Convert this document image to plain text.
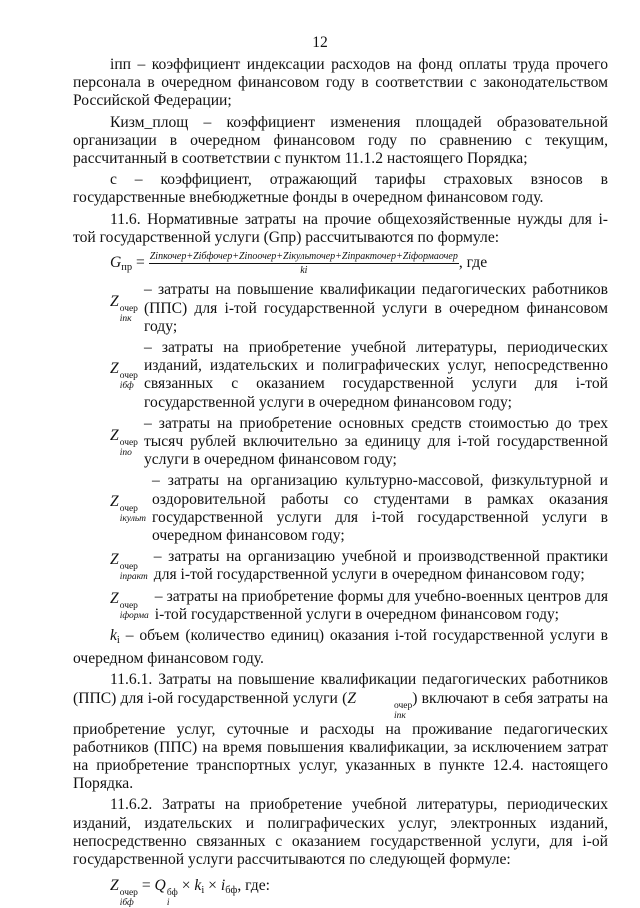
12

iпп – коэффициент индексации расходов на фонд оплаты труда прочего персонала в очередном финансовом году в соответствии с законодательством Российской Федерации;

Кизм_площ – коэффициент изменения площадей образовательной организации в очередном финансовом году по сравнению с текущим, рассчитанный в соответствии с пунктом 11.1.2 настоящего Порядка;

с – коэффициент, отражающий тарифы страховых взносов в государственные внебюджетные фонды в очередном финансовом году.

11.6. Нормативные затраты на прочие общехозяйственные нужды для i-той государственной услуги (Gпр) рассчитываются по формуле:

$G_{пр}$ = Ziпкочер+Ziбфочер+Ziпоочер+Ziкульточер+Ziпракточер+Ziформаочер
ki	, где
Z очер
iпк
– затраты на повышение квалификации педагогических работников (ППС) для i-той государственной услуги в очередном финансовом году;
Z очер
iбф
– затраты на приобретение учебной литературы, периодических изданий, издательских и полиграфических услуг, непосредственно связанных с оказанием государственной услуги для i-той государственной услуги в очередном финансовом году;
Z очер
iпо
– затраты на приобретение основных средств стоимостью до трех тысяч рублей включительно за единицу для i-той государственной услуги в очередном финансовом году;
Z очер
iкульт
– затраты на организацию культурно-массовой, физкультурной и оздоровительной работы со студентами в рамках оказания государственной услуги для i-той государственной услуги в очередном финансовом году;
Z очер
iпракт
– затраты на организацию учебной и производственной практики для i-той государственной услуги в очередном финансовом году;
Z очер
iформа
– затраты на приобретение формы для учебно-военных центров для i-той государственной услуги в очередном финансовом году;

$k_i$ – объем (количество единиц) оказания i-той государственной услуги в очередном финансовом году.

11.6.1. Затраты на повышение квалификации педагогических работников (ППС) для i-ой государственной услуги (Z	очер
iпк
) включают в себя затраты на приобретение услуг, суточные и расходы на проживание педагогических работников (ППС) на время повышения квалификации, за исключением затрат на приобретение транспортных услуг, указанных в пункте 12.4. настоящего Порядка.

11.6.2. Затраты на приобретение учебной литературы, периодических изданий, издательских и полиграфических услуг, электронных изданий, непосредственно связанных с оказанием государственной услуги, для i-ой государственной услуги рассчитываются по следующей формуле:

Z очер
iбф
= Q бф
i
× $k_i \times i_{бф}$, где:
